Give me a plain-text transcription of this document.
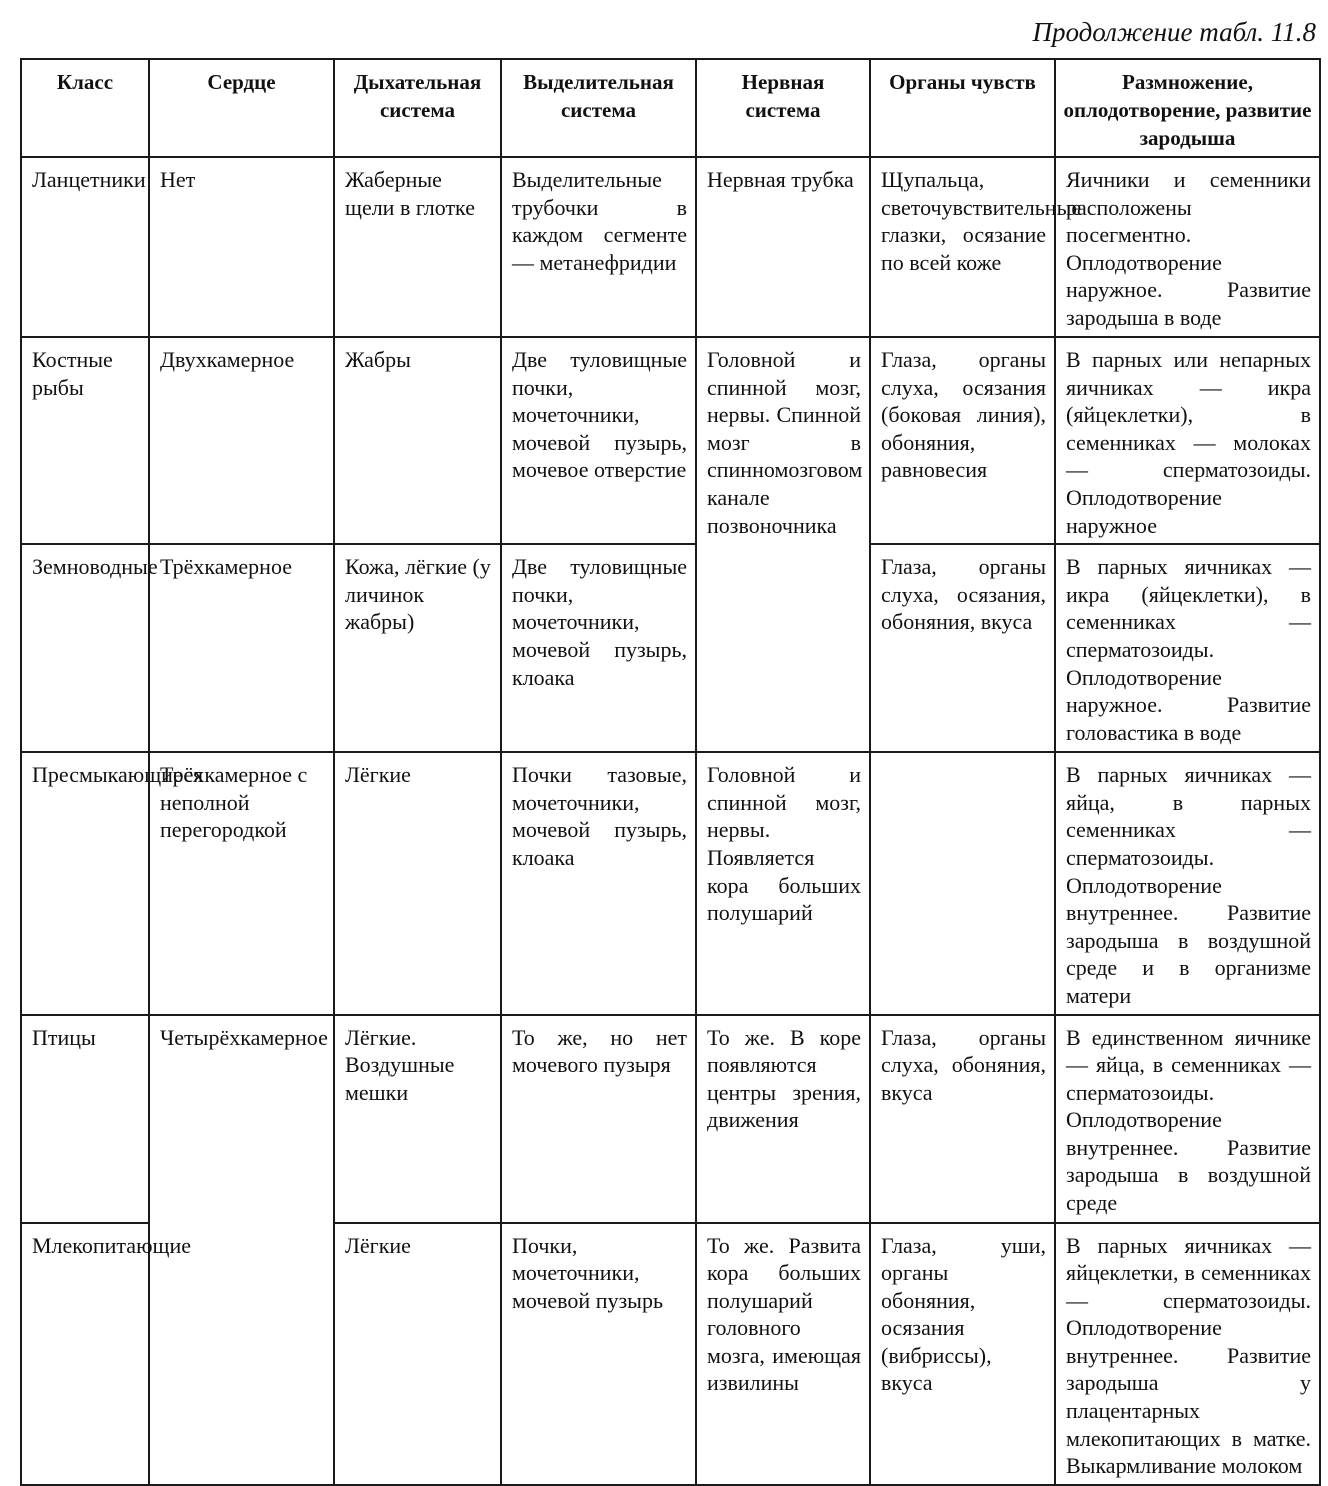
Продолжение табл. 11.8
Класс	Сердце	Дыхательная система	Выделительная система	Нервная система	Органы чувств	Размножение, оплодотворение, развитие зародыша
Ланцетники	Нет	Жаберные щели в глотке	Выделительные трубочки в каждом сегменте — метанефридии	Нервная трубка	Щупальца, светочувствительные глазки, осязание по всей коже	Яичники и семенники расположены посегментно. Оплодотворение наружное. Развитие зародыша в воде
Костные рыбы	Двухкамерное	Жабры	Две туловищные почки, мочеточники, мочевой пузырь, мочевое отверстие	Головной и спинной мозг, нервы. Спинной мозг в спинномозговом канале позвоночника	Глаза, органы слуха, осязания (боковая линия), обоняния, равновесия	В парных или непарных яичниках — икра (яйцеклетки), в семенниках — молоках — сперматозоиды. Оплодотворение наружное
Земноводные	Трёхкамерное	Кожа, лёгкие (у личинок жабры)	Две туловищные почки, мочеточники, мочевой пузырь, клоака		Глаза, органы слуха, осязания, обоняния, вкуса	В парных яичниках — икра (яйцеклетки), в семенниках — сперматозоиды. Оплодотворение наружное. Развитие головастика в воде
Пресмыкающиеся	Трёхкамерное с неполной перегородкой	Лёгкие	Почки тазовые, мочеточники, мочевой пузырь, клоака	Головной и спинной мозг, нервы. Появляется кора больших полушарий		В парных яичниках — яйца, в парных семенниках — сперматозоиды. Оплодотворение внутреннее. Развитие зародыша в воздушной среде и в организме матери
Птицы	Четырёхкамерное	Лёгкие. Воздушные мешки	То же, но нет мочевого пузыря	То же. В коре появляются центры зрения, движения	Глаза, органы слуха, обоняния, вкуса	В единственном яичнике — яйца, в семенниках — сперматозоиды. Оплодотворение внутреннее. Развитие зародыша в воздушной среде
Млекопитающие		Лёгкие	Почки, мочеточники, мочевой пузырь	То же. Развита кора больших полушарий головного мозга, имеющая извилины	Глаза, уши, органы обоняния, осязания (вибриссы), вкуса	В парных яичниках — яйцеклетки, в семенниках — сперматозоиды. Оплодотворение внутреннее. Развитие зародыша у плацентарных млекопитающих в матке. Выкармливание молоком
